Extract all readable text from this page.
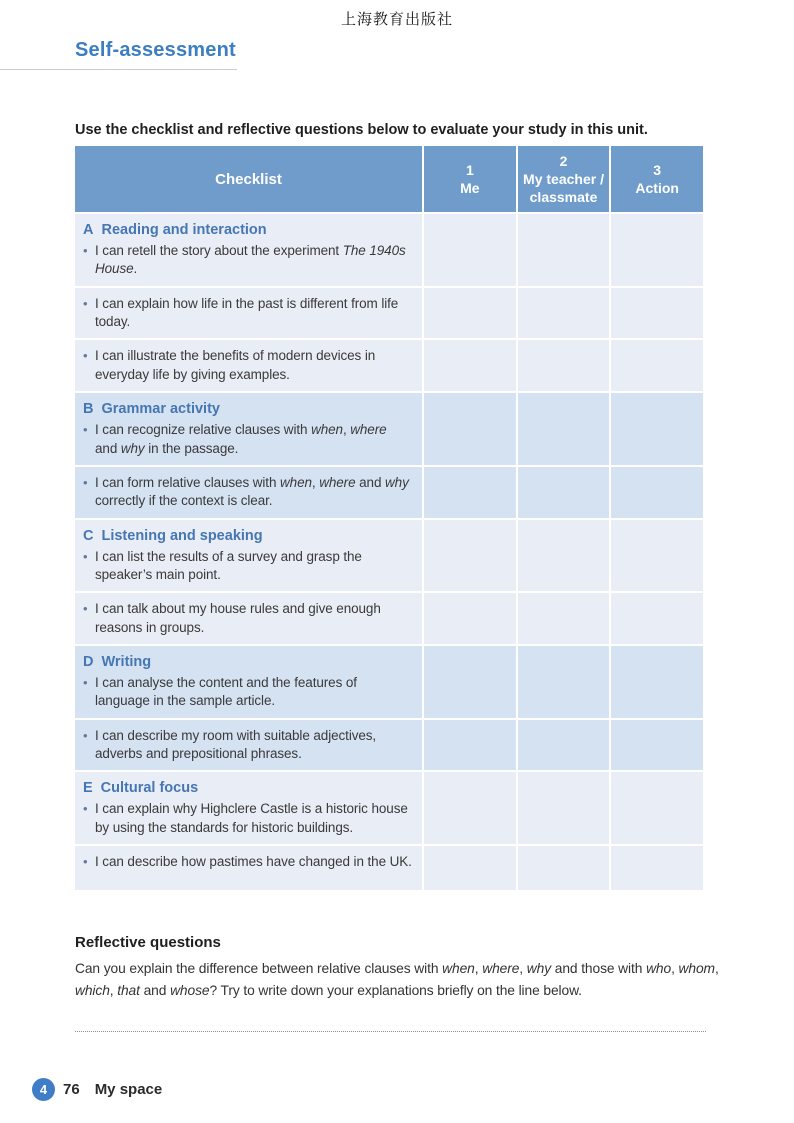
上海教育出版社
Self-assessment

Use the checklist and reflective questions below to evaluate your study in this unit.

Checklist
1
Me
2
My teacher / classmate
3
Action
A Reading and interaction
• I can retell the story about the experiment The 1940s House.
• I can explain how life in the past is different from life today.
• I can illustrate the benefits of modern devices in everyday life by giving examples.
B Grammar activity
• I can recognize relative clauses with when, where and why in the passage.
• I can form relative clauses with when, where and why correctly if the context is clear.
C Listening and speaking
• I can list the results of a survey and grasp the speaker’s main point.
• I can talk about my house rules and give enough reasons in groups.
D Writing
• I can analyse the content and the features of language in the sample article.
• I can describe my room with suitable adjectives, adverbs and prepositional phrases.
E Cultural focus
• I can explain why Highclere Castle is a historic house by using the standards for historic buildings.
• I can describe how pastimes have changed in the UK.
Reflective questions

Can you explain the difference between relative clauses with when, where, why and those with who, whom, which, that and whose? Try to write down your explanations briefly on the line below.

4	76 My space
